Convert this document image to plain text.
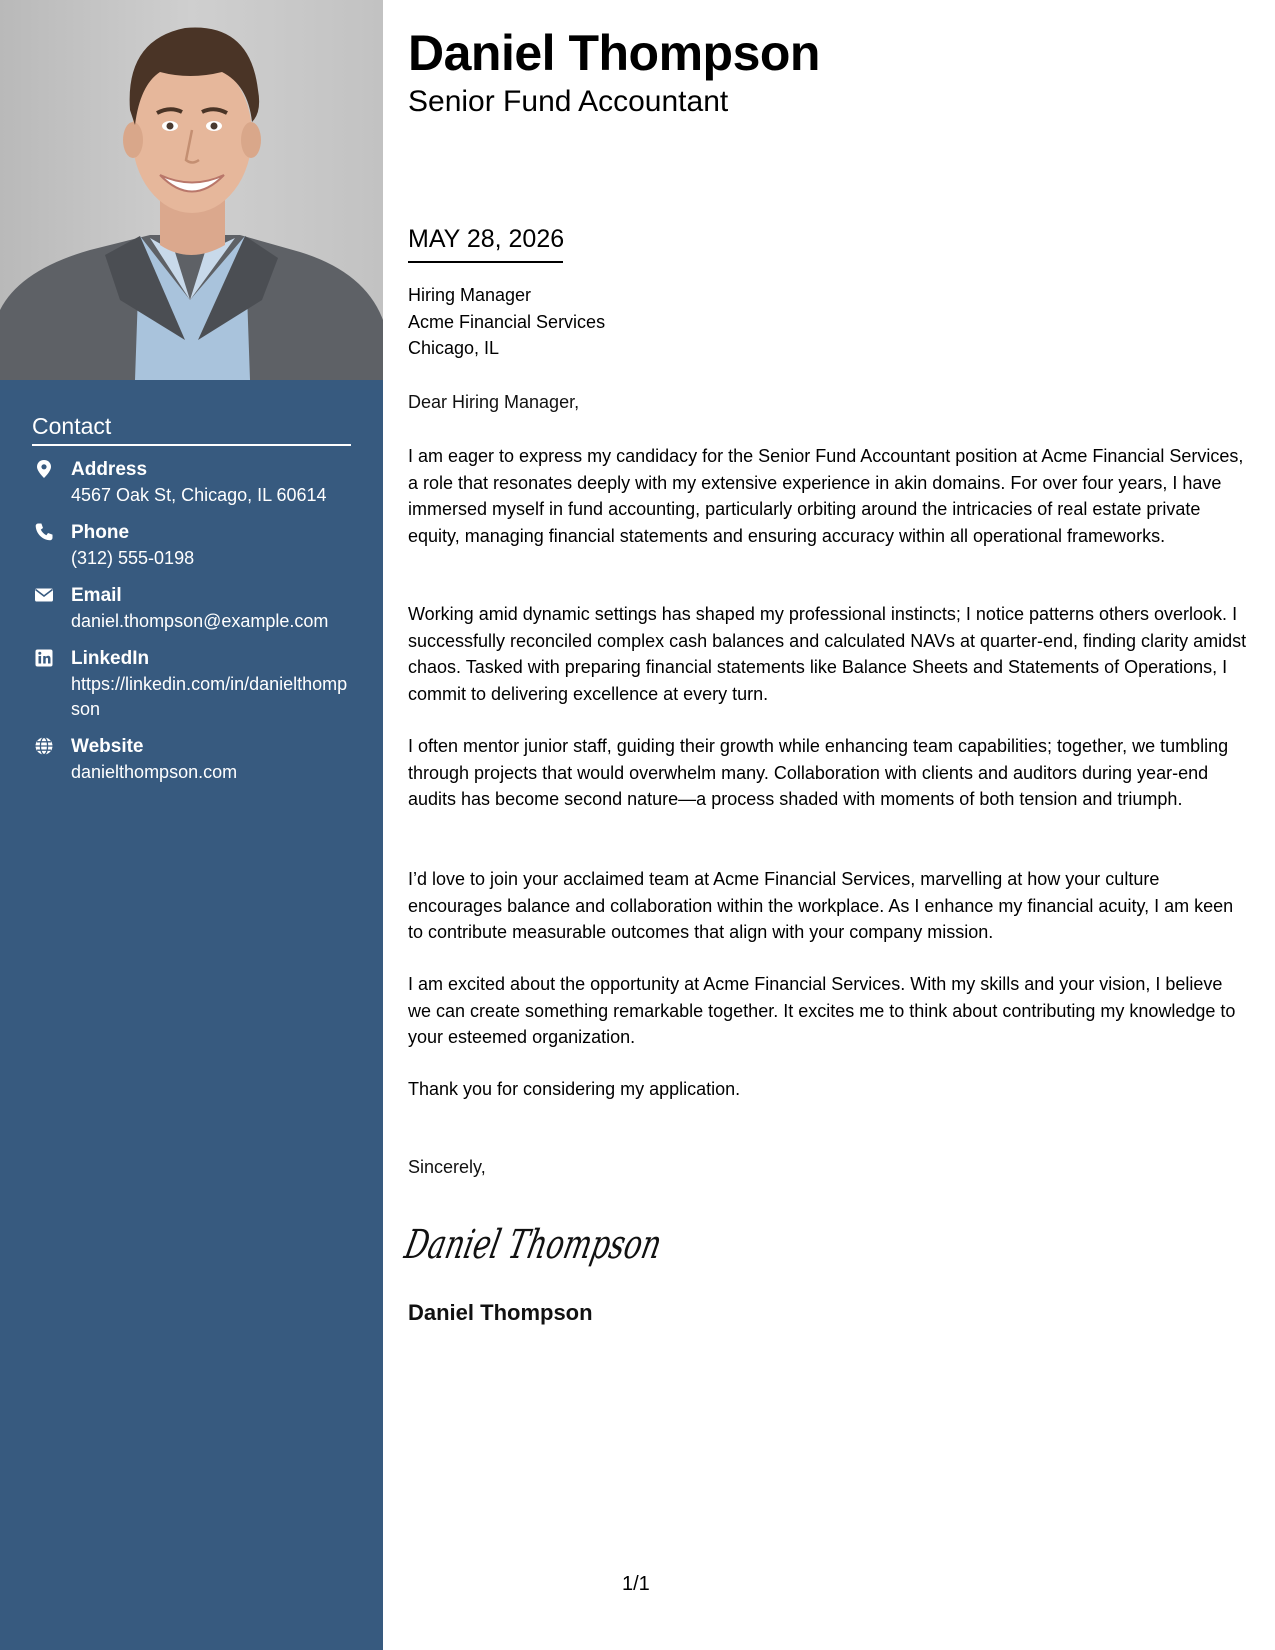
Contact
Address
4567 Oak St, Chicago, IL 60614
Phone
(312) 555-0198
Email
daniel.thompson@example.com
LinkedIn
https://linkedin.com/in/danielthompson
Website
danielthompson.com
Daniel Thompson
Senior Fund Accountant
MAY 28, 2026
Hiring Manager
Acme Financial Services
Chicago, IL
Dear Hiring Manager,
I am eager to express my candidacy for the Senior Fund Accountant position at Acme Financial Services, a role that resonates deeply with my extensive experience in akin domains. For over four years, I have immersed myself in fund accounting, particularly orbiting around the intricacies of real estate private equity, managing financial statements and ensuring accuracy within all operational frameworks.
Working amid dynamic settings has shaped my professional instincts; I notice patterns others overlook. I successfully reconciled complex cash balances and calculated NAVs at quarter-end, finding clarity amidst chaos. Tasked with preparing financial statements like Balance Sheets and Statements of Operations, I commit to delivering excellence at every turn.
I often mentor junior staff, guiding their growth while enhancing team capabilities; together, we tumbling through projects that would overwhelm many. Collaboration with clients and auditors during year-end audits has become second nature—a process shaded with moments of both tension and triumph.
I’d love to join your acclaimed team at Acme Financial Services, marvelling at how your culture encourages balance and collaboration within the workplace. As I enhance my financial acuity, I am keen to contribute measurable outcomes that align with your company mission.
I am excited about the opportunity at Acme Financial Services. With my skills and your vision, I believe we can create something remarkable together. It excites me to think about contributing my knowledge to your esteemed organization.
Thank you for considering my application.
Sincerely,
Daniel Thompson
Daniel Thompson
1/1
